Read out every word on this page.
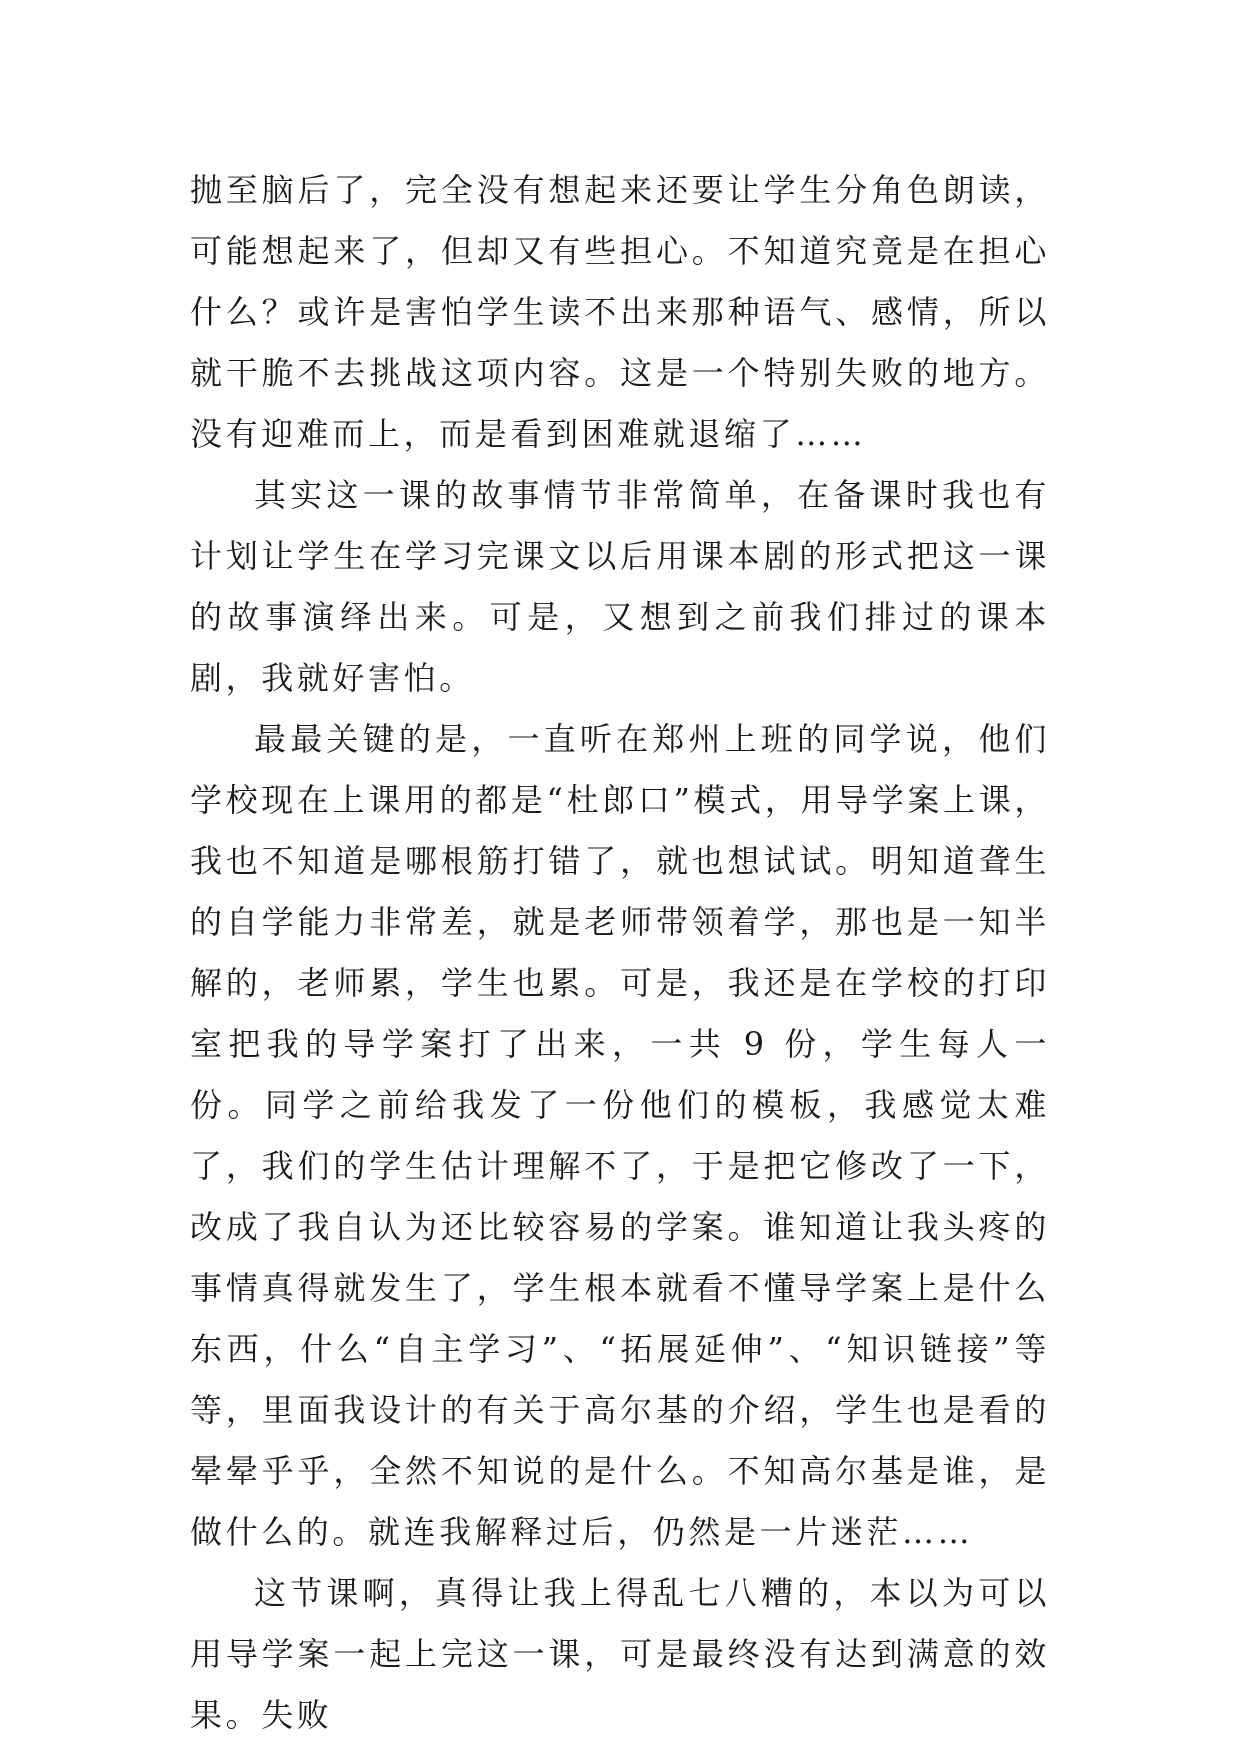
抛至脑后了，完全没有想起来还要让学生分角色朗读，可能想起来了，但却又有些担心。不知道究竟是在担心什么？或许是害怕学生读不出来那种语气、感情，所以就干脆不去挑战这项内容。这是一个特别失败的地方。没有迎难而上，而是看到困难就退缩了……

其实这一课的故事情节非常简单，在备课时我也有计划让学生在学习完课文以后用课本剧的形式把这一课的故事演绎出来。可是，又想到之前我们排过的课本剧，我就好害怕。

最最关键的是，一直听在郑州上班的同学说，他们学校现在上课用的都是“杜郎口”模式，用导学案上课，我也不知道是哪根筋打错了，就也想试试。明知道聋生的自学能力非常差，就是老师带领着学，那也是一知半解的，老师累，学生也累。可是，我还是在学校的打印室把我的导学案打了出来，一共 9 份，学生每人一份。同学之前给我发了一份他们的模板，我感觉太难了，我们的学生估计理解不了，于是把它修改了一下，改成了我自认为还比较容易的学案。谁知道让我头疼的事情真得就发生了，学生根本就看不懂导学案上是什么东西，什么“自主学习”、“拓展延伸”、“知识链接”等等，里面我设计的有关于高尔基的介绍，学生也是看的晕晕乎乎，全然不知说的是什么。不知高尔基是谁，是做什么的。就连我解释过后，仍然是一片迷茫……

这节课啊，真得让我上得乱七八糟的，本以为可以用导学案一起上完这一课，可是最终没有达到满意的效果。失败
